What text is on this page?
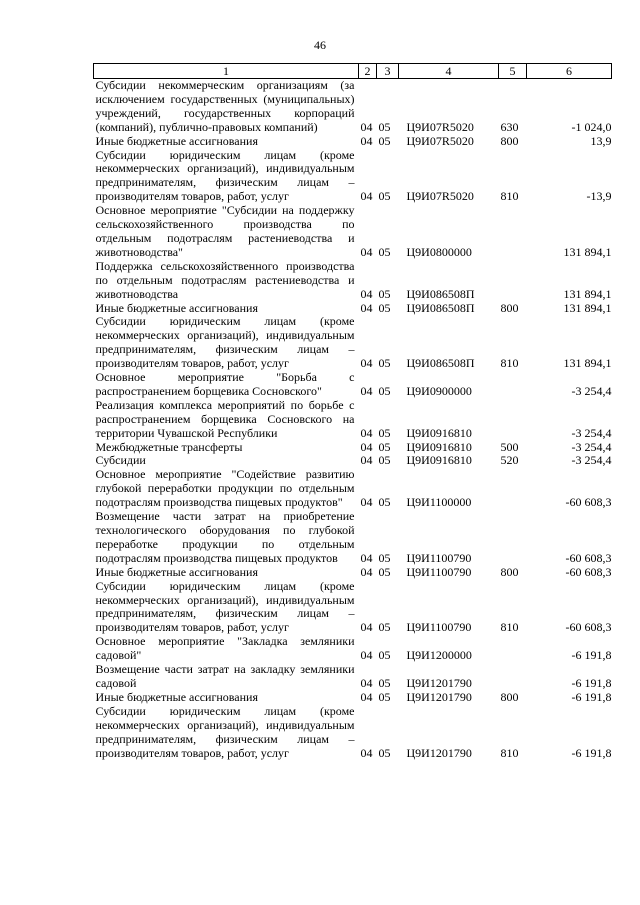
46
1	2	3	4	5	6
Субсидии некоммерческим организациям (за исключением государственных (муниципальных) учреждений, государственных корпораций (компаний), публично-правовых компаний)	04	05	Ц9И07R5020	630	-1 024,0
Иные бюджетные ассигнования	04	05	Ц9И07R5020	800	13,9
Субсидии юридическим лицам (кроме некоммерческих организаций), индивидуальным предпринимателям, физическим лицам – производителям товаров, работ, услуг	04	05	Ц9И07R5020	810	-13,9
Основное мероприятие "Субсидии на поддержку сельскохозяйственного производства по отдельным подотраслям растениеводства и животноводства"	04	05	Ц9И0800000		131 894,1
Поддержка сельскохозяйственного производства по отдельным подотраслям растениеводства и животноводства	04	05	Ц9И086508П		131 894,1
Иные бюджетные ассигнования	04	05	Ц9И086508П	800	131 894,1
Субсидии юридическим лицам (кроме некоммерческих организаций), индивидуальным предпринимателям, физическим лицам – производителям товаров, работ, услуг	04	05	Ц9И086508П	810	131 894,1
Основное мероприятие "Борьба с распространением борщевика Сосновского"	04	05	Ц9И0900000		-3 254,4
Реализация комплекса мероприятий по борьбе с распространением борщевика Сосновского на территории Чувашской Республики	04	05	Ц9И0916810		-3 254,4
Межбюджетные трансферты	04	05	Ц9И0916810	500	-3 254,4
Субсидии	04	05	Ц9И0916810	520	-3 254,4
Основное мероприятие "Содействие развитию глубокой переработки продукции по отдельным подотраслям производства пищевых продуктов"	04	05	Ц9И1100000		-60 608,3
Возмещение части затрат на приобретение технологического оборудования по глубокой переработке продукции по отдельным подотраслям производства пищевых продуктов	04	05	Ц9И1100790		-60 608,3
Иные бюджетные ассигнования	04	05	Ц9И1100790	800	-60 608,3
Субсидии юридическим лицам (кроме некоммерческих организаций), индивидуальным предпринимателям, физическим лицам – производителям товаров, работ, услуг	04	05	Ц9И1100790	810	-60 608,3
Основное мероприятие "Закладка земляники садовой"	04	05	Ц9И1200000		-6 191,8
Возмещение части затрат на закладку земляники садовой	04	05	Ц9И1201790		-6 191,8
Иные бюджетные ассигнования	04	05	Ц9И1201790	800	-6 191,8
Субсидии юридическим лицам (кроме некоммерческих организаций), индивидуальным предпринимателям, физическим лицам – производителям товаров, работ, услуг	04	05	Ц9И1201790	810	-6 191,8
